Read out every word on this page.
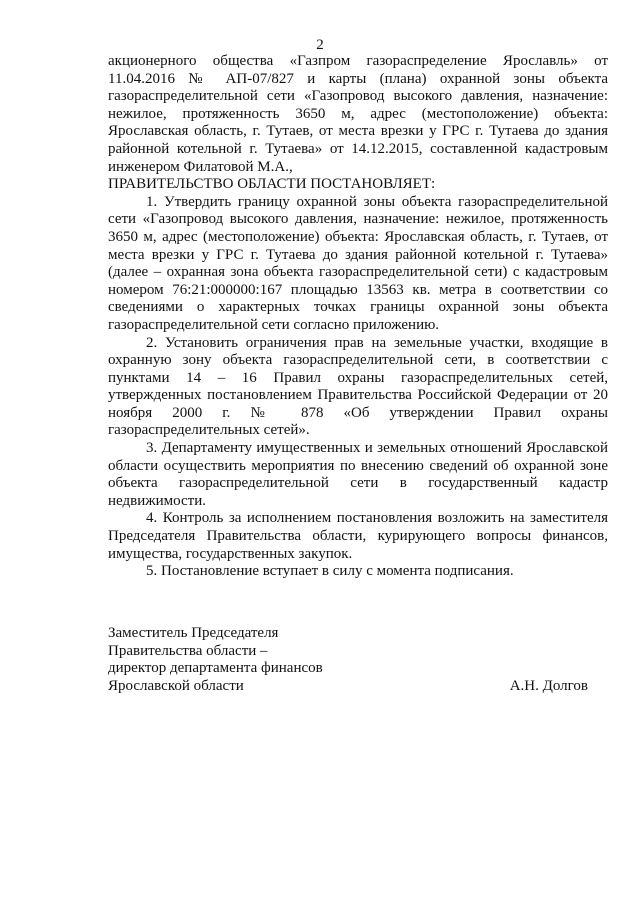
2

акционерного общества «Газпром газораспределение Ярославль» от 11.04.2016 № АП-07/827 и карты (плана) охранной зоны объекта газораспределительной сети «Газопровод высокого давления, назначение: нежилое, протяженность 3650 м, адрес (местоположение) объекта: Ярославская область, г. Тутаев, от места врезки у ГРС г. Тутаева до здания районной котельной г. Тутаева» от 14.12.2015, составленной кадастровым инженером Филатовой М.А.,

ПРАВИТЕЛЬСТВО ОБЛАСТИ ПОСТАНОВЛЯЕТ:

1. Утвердить границу охранной зоны объекта газораспределительной сети «Газопровод высокого давления, назначение: нежилое, протяженность 3650 м, адрес (местоположение) объекта: Ярославская область, г. Тутаев, от места врезки у ГРС г. Тутаева до здания районной котельной г. Тутаева» (далее – охранная зона объекта газораспределительной сети) с кадастровым номером 76:21:000000:167 площадью 13563 кв. метра в соответствии со сведениями о характерных точках границы охранной зоны объекта газораспределительной сети согласно приложению.

2. Установить ограничения прав на земельные участки, входящие в охранную зону объекта газораспределительной сети, в соответствии с пунктами 14 – 16 Правил охраны газораспределительных сетей, утвержденных постановлением Правительства Российской Федерации от 20 ноября 2000 г. № 878 «Об утверждении Правил охраны газораспределительных сетей».

3. Департаменту имущественных и земельных отношений Ярославской области осуществить мероприятия по внесению сведений об охранной зоне объекта газораспределительной сети в государственный кадастр недвижимости.

4. Контроль за исполнением постановления возложить на заместителя Председателя Правительства области, курирующего вопросы финансов, имущества, государственных закупок.

5. Постановление вступает в силу с момента подписания.

Заместитель Председателя
Правительства области –
директор департамента финансов
Ярославской области	А.Н. Долгов
